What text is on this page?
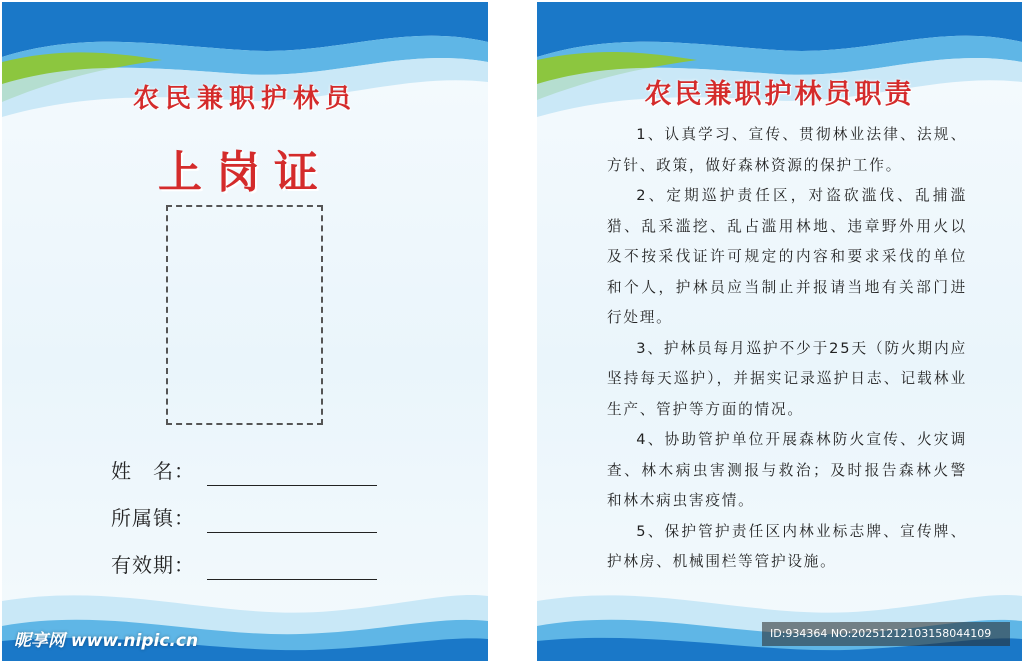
农民兼职护林员
上岗证
姓　名：
所属镇：
有效期：
昵享网 www.nipic.cn
农民兼职护林员职责

1、认真学习、宣传、贯彻林业法律、法规、方针、政策，做好森林资源的保护工作。

2、定期巡护责任区，对盗砍滥伐、乱捕滥猎、乱采滥挖、乱占滥用林地、违章野外用火以及不按采伐证许可规定的内容和要求采伐的单位和个人，护林员应当制止并报请当地有关部门进行处理。

3、护林员每月巡护不少于25天（防火期内应坚持每天巡护），并据实记录巡护日志、记载林业生产、管护等方面的情况。

4、协助管护单位开展森林防火宣传、火灾调查、林木病虫害测报与救治；及时报告森林火警和林木病虫害疫情。

5、保护管护责任区内林业标志牌、宣传牌、护林房、机械围栏等管护设施。

ID:934364 NO:20251212103158044109
